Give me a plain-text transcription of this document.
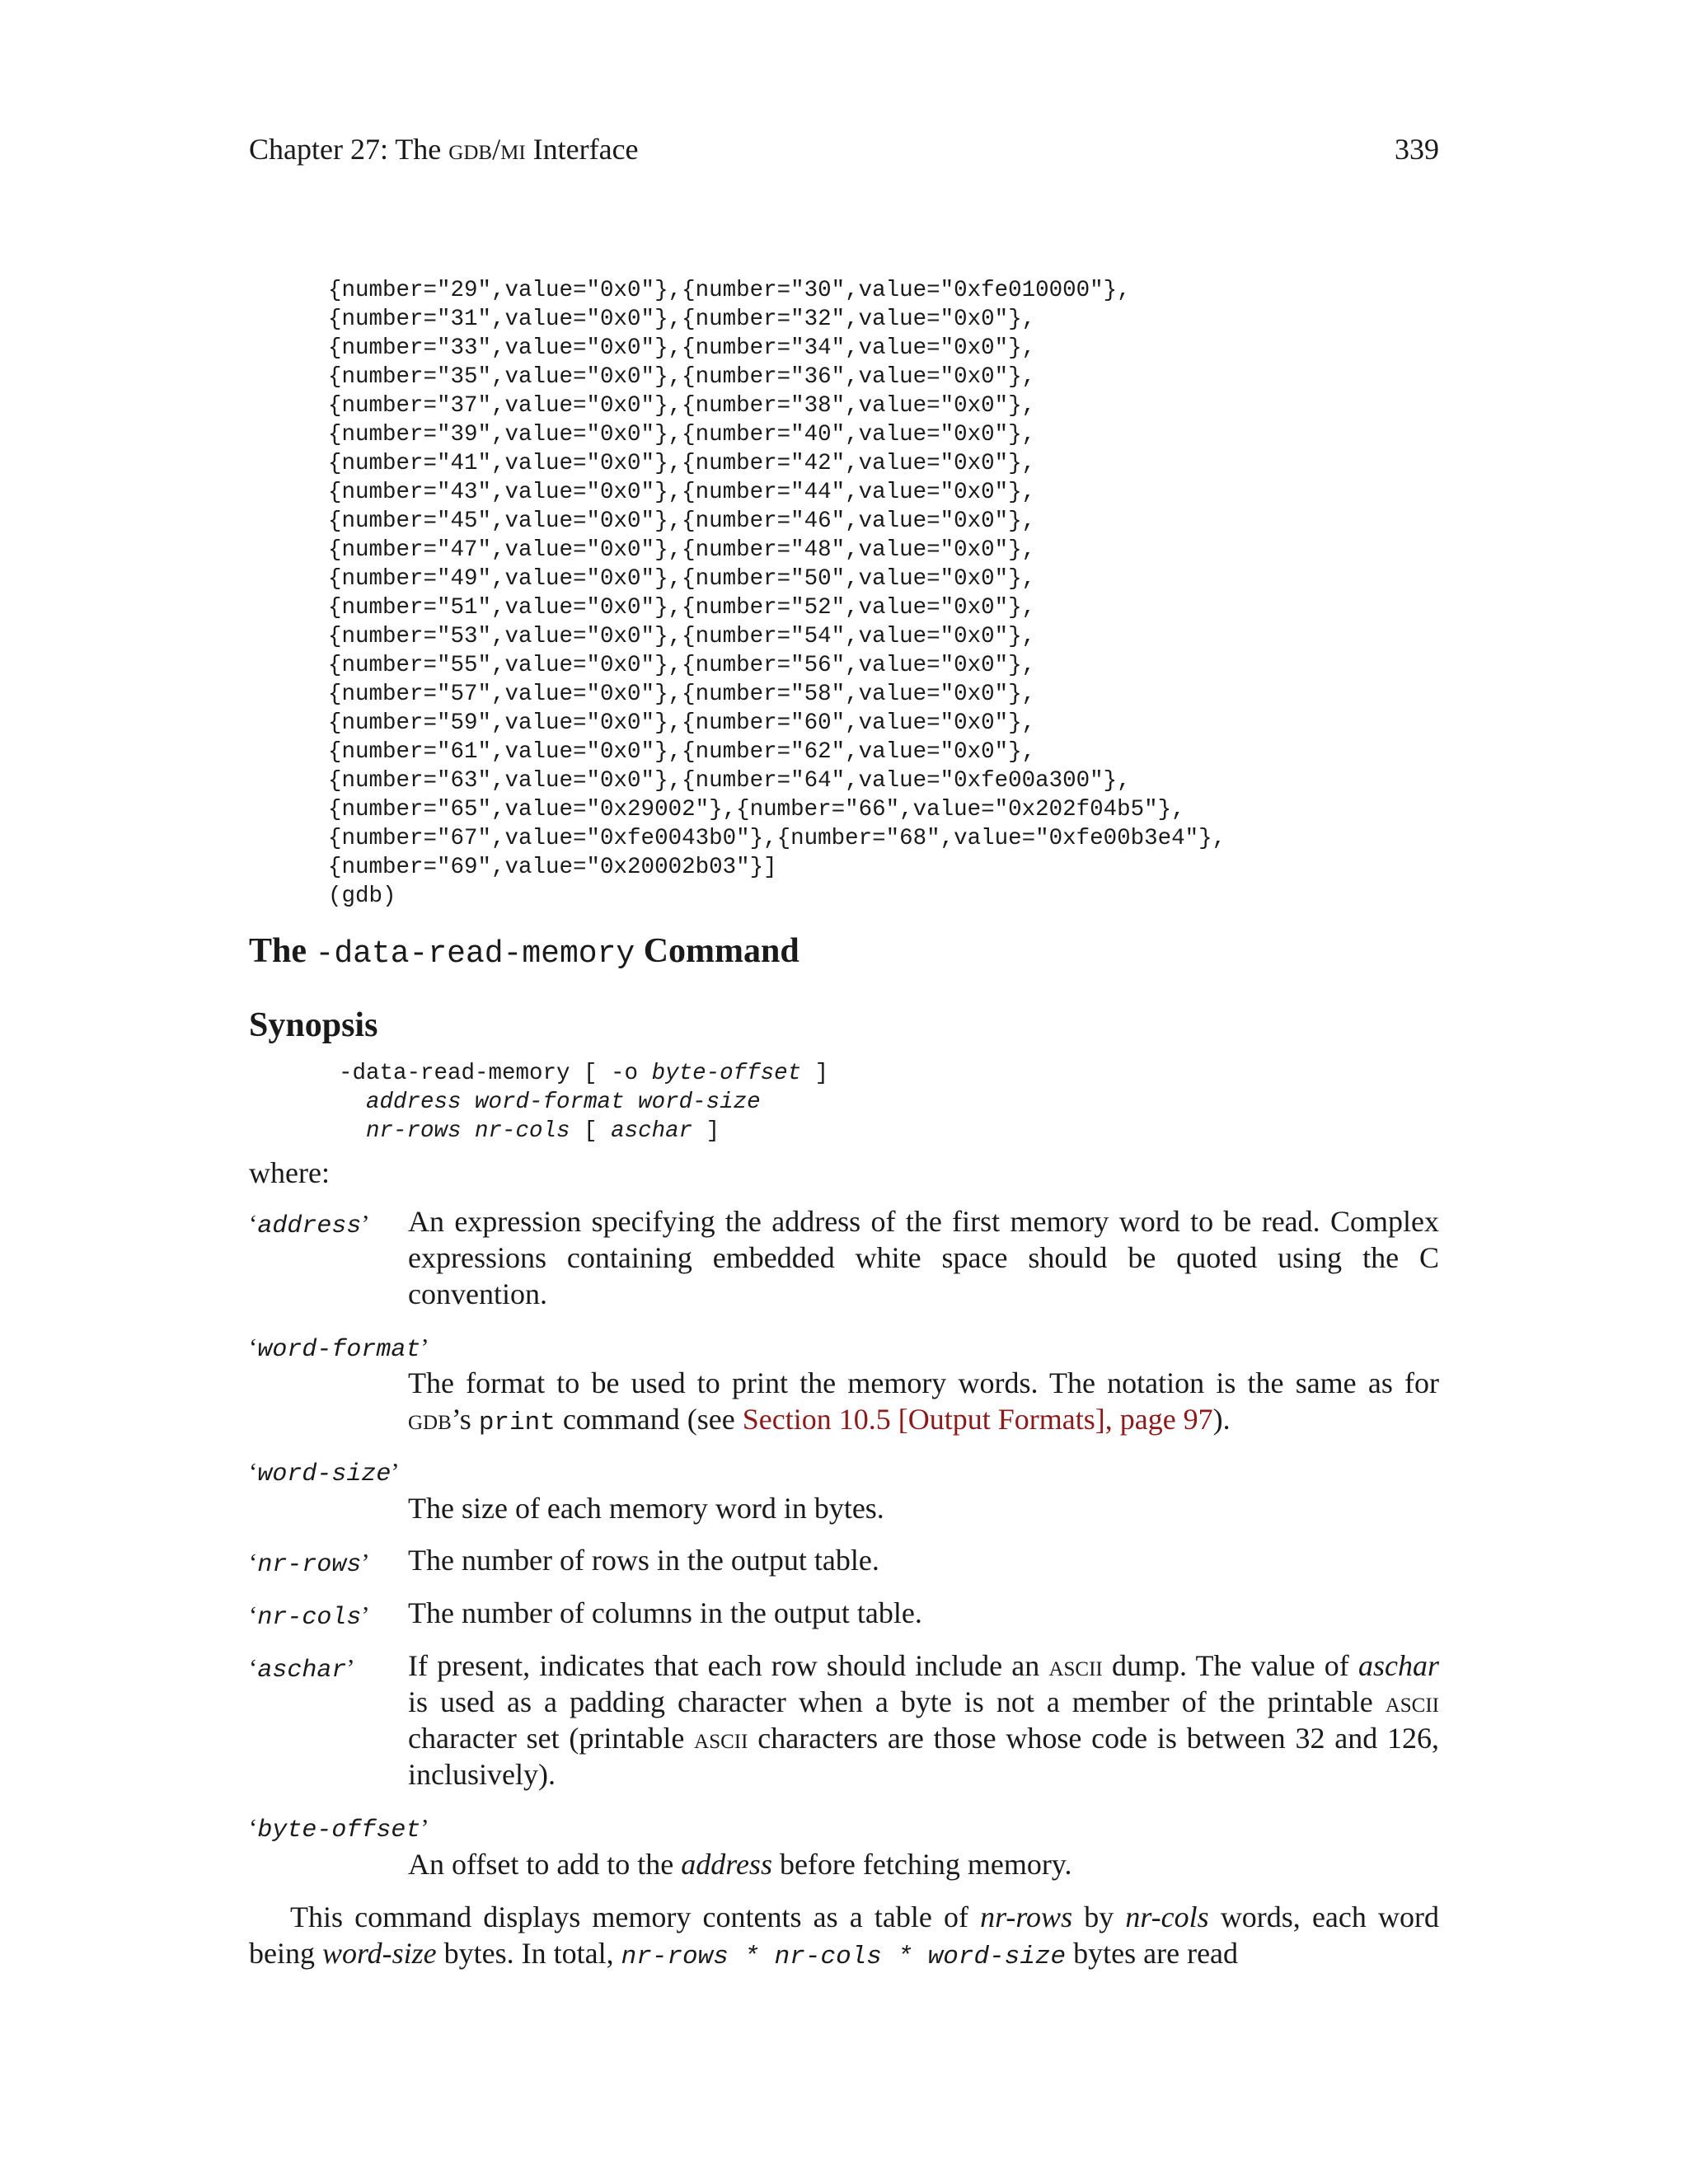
Chapter 27: The gdb/mi Interface	339
{number="29",value="0x0"},{number="30",value="0xfe010000"},
{number="31",value="0x0"},{number="32",value="0x0"},
{number="33",value="0x0"},{number="34",value="0x0"},
{number="35",value="0x0"},{number="36",value="0x0"},
{number="37",value="0x0"},{number="38",value="0x0"},
{number="39",value="0x0"},{number="40",value="0x0"},
{number="41",value="0x0"},{number="42",value="0x0"},
{number="43",value="0x0"},{number="44",value="0x0"},
{number="45",value="0x0"},{number="46",value="0x0"},
{number="47",value="0x0"},{number="48",value="0x0"},
{number="49",value="0x0"},{number="50",value="0x0"},
{number="51",value="0x0"},{number="52",value="0x0"},
{number="53",value="0x0"},{number="54",value="0x0"},
{number="55",value="0x0"},{number="56",value="0x0"},
{number="57",value="0x0"},{number="58",value="0x0"},
{number="59",value="0x0"},{number="60",value="0x0"},
{number="61",value="0x0"},{number="62",value="0x0"},
{number="63",value="0x0"},{number="64",value="0xfe00a300"},
{number="65",value="0x29002"},{number="66",value="0x202f04b5"},
{number="67",value="0xfe0043b0"},{number="68",value="0xfe00b3e4"},
{number="69",value="0x20002b03"}]
(gdb)
The -data-read-memory Command
Synopsis
-data-read-memory [ -o byte-offset ]
address word-format word-size
nr-rows nr-cols [ aschar ]
where:
‘address’ An expression specifying the address of the first memory word to be read. Complex expressions containing embedded white space should be quoted using the C convention.
‘word-format’
The format to be used to print the memory words. The notation is the same as for gdb’s print command (see Section 10.5 [Output Formats], page 97).
‘word-size’
The size of each memory word in bytes.
‘nr-rows’ The number of rows in the output table.
‘nr-cols’ The number of columns in the output table.
‘aschar’ If present, indicates that each row should include an ascii dump. The value of aschar is used as a padding character when a byte is not a member of the printable ascii character set (printable ascii characters are those whose code is between 32 and 126, inclusively).
‘byte-offset’
An offset to add to the address before fetching memory.
This command displays memory contents as a table of nr-rows by nr-cols words, each word being word-size bytes. In total, nr-rows * nr-cols * word-size bytes are read
